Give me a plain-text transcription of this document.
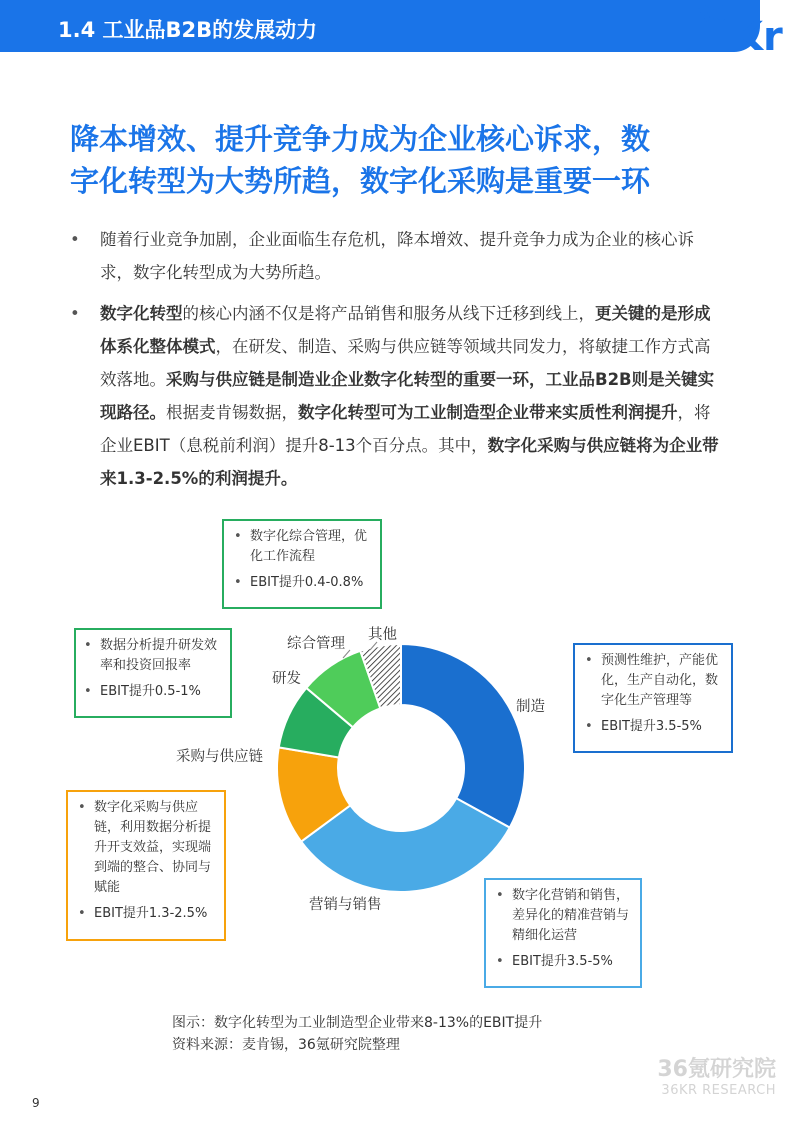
1.4 工业品B2B的发展动力
36 Kr
降本增效、提升竞争力成为企业核心诉求，数
字化转型为大势所趋，数字化采购是重要一环
• 随着行业竞争加剧，企业面临生存危机，降本增效、提升竞争力成为企业的核心诉求，数字化转型成为大势所趋。
• 数字化转型的核心内涵不仅是将产品销售和服务从线下迁移到线上，更关键的是形成体系化整体模式，在研发、制造、采购与供应链等领域共同发力，将敏捷工作方式高效落地。采购与供应链是制造业企业数字化转型的重要一环，工业品B2B则是关键实现路径。根据麦肯锡数据，数字化转型可为工业制造型企业带来实质性利润提升，将企业EBIT（息税前利润）提升8-13个百分点。其中，数字化采购与供应链将为企业带来1.3-2.5%的利润提升。
制造
营销与销售
采购与供应链
研发
综合管理
其他
• 数字化综合管理，优化工作流程
• EBIT提升0.4-0.8%
• 数据分析提升研发效率和投资回报率
• EBIT提升0.5-1%
• 预测性维护，产能优化，生产自动化，数字化生产管理等
• EBIT提升3.5-5%
• 数字化采购与供应链，利用数据分析提升开支效益，实现端到端的整合、协同与赋能
• EBIT提升1.3-2.5%
• 数字化营销和销售，差异化的精准营销与精细化运营
• EBIT提升3.5-5%
图示：数字化转型为工业制造型企业带来8-13%的EBIT提升
资料来源：麦肯锡，36氪研究院整理
36氪研究院
36KR RESEARCH
9
